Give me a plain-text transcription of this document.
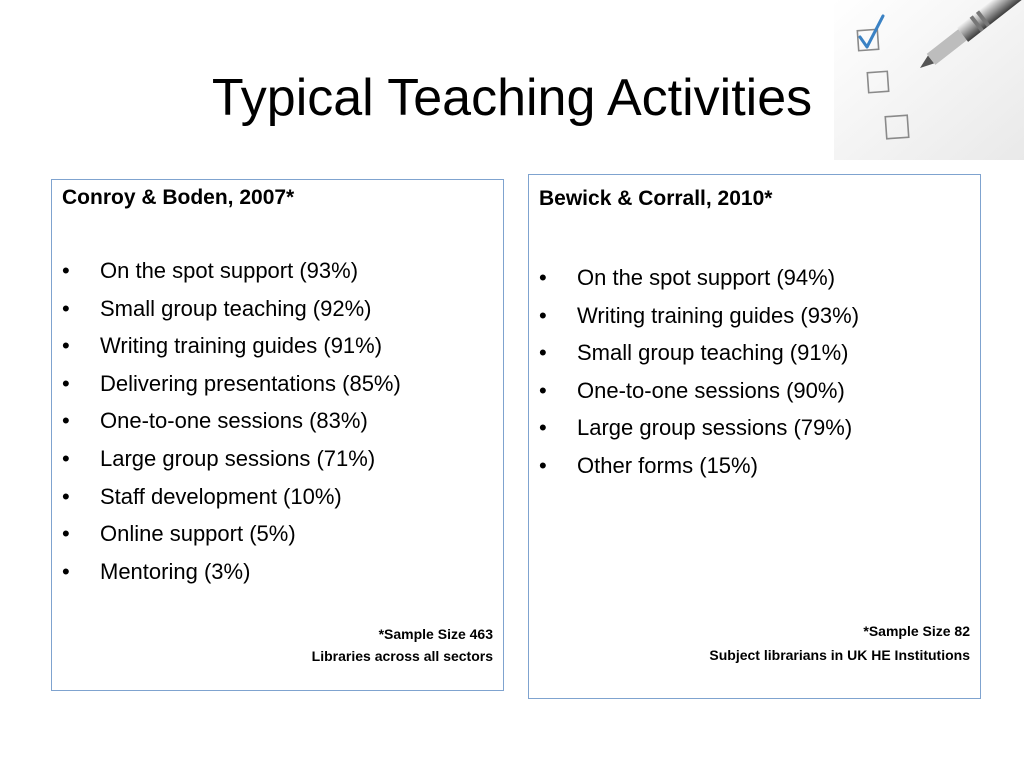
Typical Teaching Activities
Conroy & Boden, 2007*
• On the spot support (93%)
• Small group teaching (92%)
• Writing training guides (91%)
• Delivering presentations (85%)
• One-to-one sessions (83%)
• Large group sessions (71%)
• Staff development (10%)
• Online support (5%)
• Mentoring (3%)
*Sample Size 463
Libraries across all sectors
Bewick & Corrall, 2010*
• On the spot support (94%)
• Writing training guides (93%)
• Small group teaching (91%)
• One-to-one sessions (90%)
• Large group sessions (79%)
• Other forms (15%)
*Sample Size 82
Subject librarians in UK HE Institutions
